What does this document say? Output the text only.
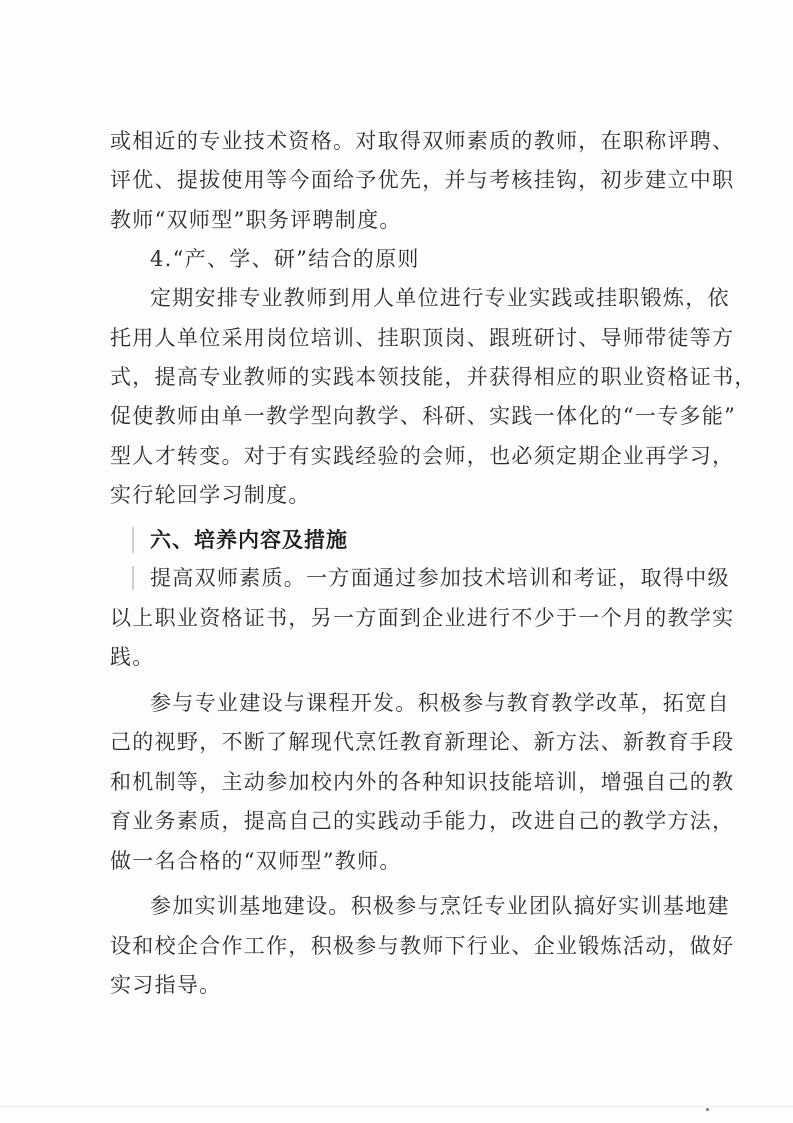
或相近的专业技术资格。对取得双师素质的教师，在职称评聘、
评优、提拔使用等今面给予优先，并与考核挂钩，初步建立中职
教师“双师型”职务评聘制度。
4.“产、学、研”结合的原则
定期安排专业教师到用人单位进行专业实践或挂职锻炼，依
托用人单位采用岗位培训、挂职顶岗、跟班研讨、导师带徒等方
式，提高专业教师的实践本领技能，并获得相应的职业资格证书，
促使教师由单一教学型向教学、科研、实践一体化的“一专多能”
型人才转变。对于有实践经验的会师，也必须定期企业再学习，
实行轮回学习制度。
六、培养内容及措施
提高双师素质。一方面通过参加技术培训和考证，取得中级
以上职业资格证书，另一方面到企业进行不少于一个月的教学实
践。
参与专业建设与课程开发。积极参与教育教学改革，拓宽自
己的视野，不断了解现代烹饪教育新理论、新方法、新教育手段
和机制等，主动参加校内外的各种知识技能培训，增强自己的教
育业务素质，提高自己的实践动手能力，改进自己的教学方法，
做一名合格的“双师型”教师。
参加实训基地建设。积极参与烹饪专业团队搞好实训基地建
设和校企合作工作，积极参与教师下行业、企业锻炼活动，做好
实习指导。
